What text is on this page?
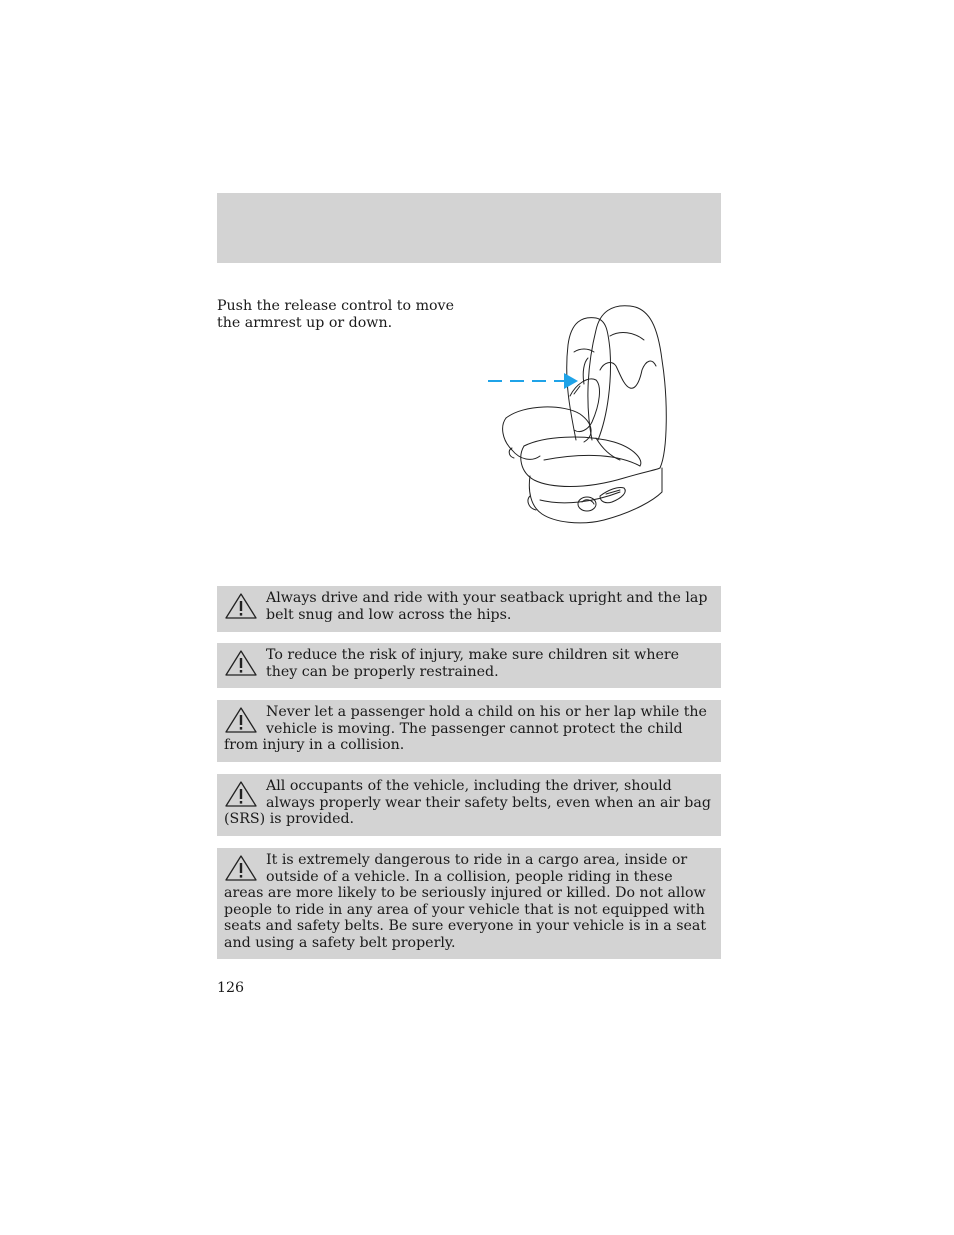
Push the release control to move the armrest up or down.

Always drive and ride with your seatback upright and the lap belt snug and low across the hips.

To reduce the risk of injury, make sure children sit where they can be properly restrained.

Never let a passenger hold a child on his or her lap while the vehicle is moving. The passenger cannot protect the child from injury in a collision.

All occupants of the vehicle, including the driver, should always properly wear their safety belts, even when an air bag (SRS) is provided.

It is extremely dangerous to ride in a cargo area, inside or outside of a vehicle. In a collision, people riding in these areas are more likely to be seriously injured or killed. Do not allow people to ride in any area of your vehicle that is not equipped with seats and safety belts. Be sure everyone in your vehicle is in a seat and using a safety belt properly.

126
